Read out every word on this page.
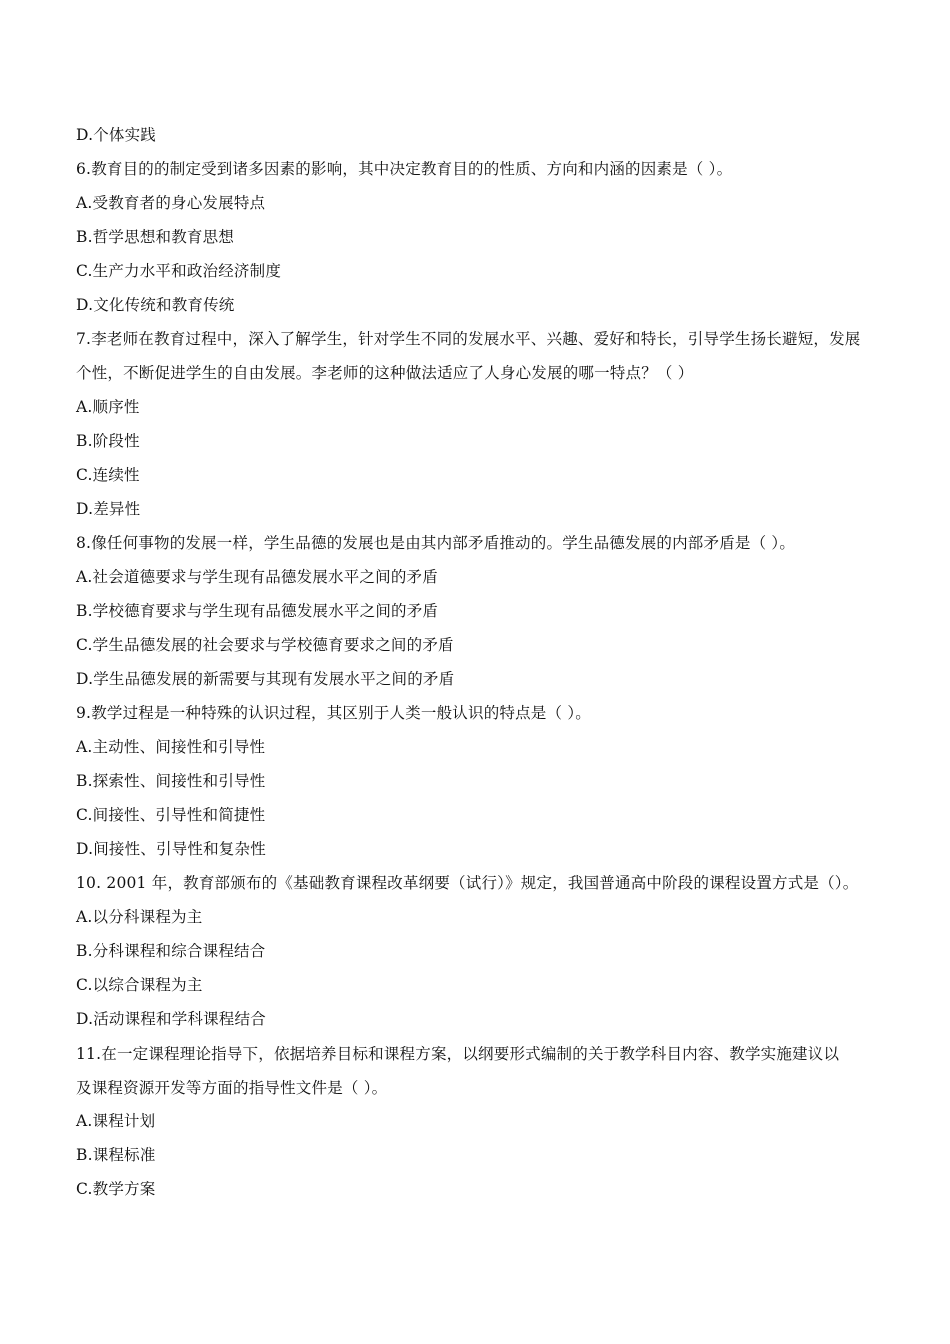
D.个体实践
6.教育目的的制定受到诸多因素的影响，其中决定教育目的的性质、方向和内涵的因素是（ ）。
A.受教育者的身心发展特点
B.哲学思想和教育思想
C.生产力水平和政治经济制度
D.文化传统和教育传统
7.李老师在教育过程中，深入了解学生，针对学生不同的发展水平、兴趣、爱好和特长，引导学生扬长避短，发展
个性，不断促进学生的自由发展。李老师的这种做法适应了人身心发展的哪一特点？（ ）
A.顺序性
B.阶段性
C.连续性
D.差异性
8.像任何事物的发展一样，学生品德的发展也是由其内部矛盾推动的。学生品德发展的内部矛盾是（ ）。
A.社会道德要求与学生现有品德发展水平之间的矛盾
B.学校德育要求与学生现有品德发展水平之间的矛盾
C.学生品德发展的社会要求与学校德育要求之间的矛盾
D.学生品德发展的新需要与其现有发展水平之间的矛盾
9.教学过程是一种特殊的认识过程，其区别于人类一般认识的特点是（ ）。
A.主动性、间接性和引导性
B.探索性、间接性和引导性
C.间接性、引导性和简捷性
D.间接性、引导性和复杂性
10. 2001 年，教育部颁布的《基础教育课程改革纲要（试行）》规定，我国普通高中阶段的课程设置方式是（）。
A.以分科课程为主
B.分科课程和综合课程结合
C.以综合课程为主
D.活动课程和学科课程结合
11.在一定课程理论指导下，依据培养目标和课程方案，以纲要形式编制的关于教学科目内容、教学实施建议以
及课程资源开发等方面的指导性文件是（ ）。
A.课程计划
B.课程标准
C.教学方案
